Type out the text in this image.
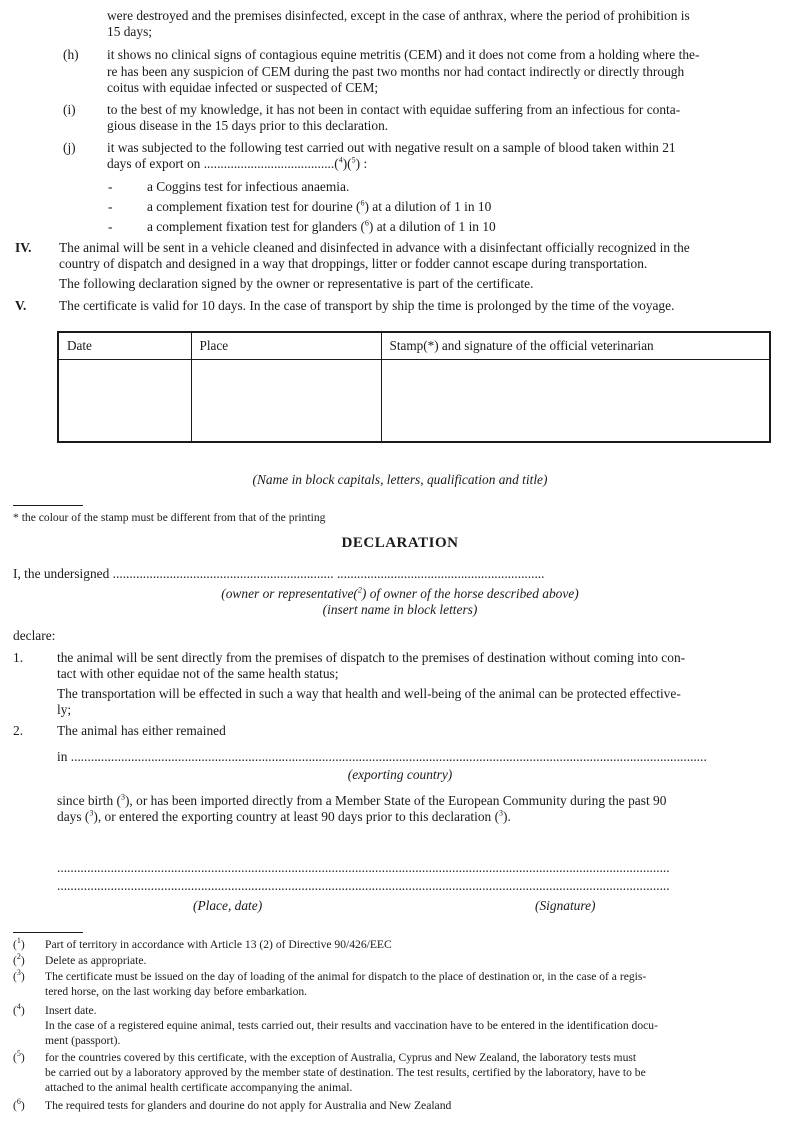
were destroyed and the premises disinfected, except in the case of anthrax, where the period of prohibition is
15 days;
(h) it shows no clinical signs of contagious equine metritis (CEM) and it does not come from a holding where the-
re has been any suspicion of CEM during the past two months nor had contact indirectly or directly through
coitus with equidae infected or suspected of CEM;
(i) to the best of my knowledge, it has not been in contact with equidae suffering from an infectious for conta-
gious disease in the 15 days prior to this declaration.
(j) it was subjected to the following test carried out with negative result on a sample of blood taken within 21
days of export on .......................................($^4$)($^5$) :
-	a Coggins test for infectious anaemia.
-	a complement fixation test for dourine ($^6$) at a dilution of 1 in 10
-	a complement fixation test for glanders ($^6$) at a dilution of 1 in 10
IV. The animal will be sent in a vehicle cleaned and disinfected in advance with a disinfectant officially recognized in the
country of dispatch and designed in a way that droppings, litter or fodder cannot escape during transportation.
The following declaration signed by the owner or representative is part of the certificate.
V. The certificate is valid for 10 days. In the case of transport by ship the time is prolonged by the time of the voyage.
Date	Place	Stamp(*) and signature of the official veterinarian

(Name in block capitals, letters, qualification and title)
* the colour of the stamp must be different from that of the printing
DECLARATION
I, the undersigned .................................................................. ..............................................................
(owner or representative($^2$) of owner of the horse described above)
(insert name in block letters)
declare:
1.	the animal will be sent directly from the premises of dispatch to the premises of destination without coming into con-
tact with other equidae not of the same health status;
The transportation will be effected in such a way that health and well-being of the animal can be protected effective-
ly;
2.	The animal has either remained
in ..............................................................................................................................................................................................
(exporting country)
since birth ($^3$), or has been imported directly from a Member State of the European Community during the past 90
days ($^3$), or entered the exporting country at least 90 days prior to this declaration ($^3$).
.......................................................................................................................................................................................
.......................................................................................................................................................................................
(Place, date)	(Signature)
($^1$) Part of territory in accordance with Article 13 (2) of Directive 90/426/EEC
($^2$) Delete as appropriate.
($^3$) The certificate must be issued on the day of loading of the animal for dispatch to the place of destination or, in the case of a regis-
tered horse, on the last working day before embarkation.
($^4$) Insert date.
In the case of a registered equine animal, tests carried out, their results and vaccination have to be entered in the identification docu-
ment (passport).
($^5$) for the countries covered by this certificate, with the exception of Australia, Cyprus and New Zealand, the laboratory tests must
be carried out by a laboratory approved by the member state of destination. The test results, certified by the laboratory, have to be
attached to the animal health certificate accompanying the animal.
($^6$) The required tests for glanders and dourine do not apply for Australia and New Zealand
